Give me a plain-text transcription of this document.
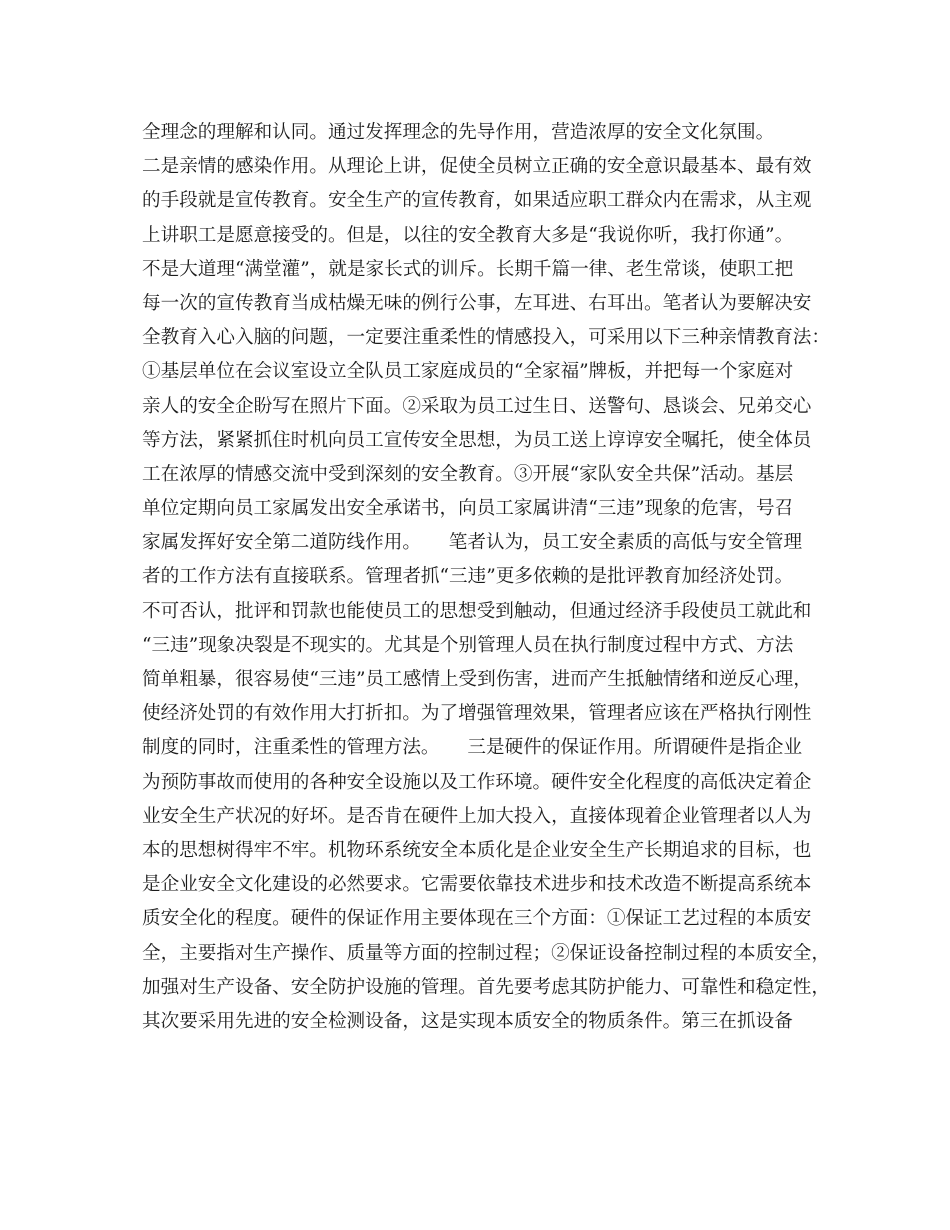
全理念的理解和认同。通过发挥理念的先导作用，营造浓厚的安全文化氛围。
二是亲情的感染作用。从理论上讲，促使全员树立正确的安全意识最基本、最有效
的手段就是宣传教育。安全生产的宣传教育，如果适应职工群众内在需求，从主观
上讲职工是愿意接受的。但是，以往的安全教育大多是“我说你听，我打你通”。
不是大道理“满堂灌”，就是家长式的训斥。长期千篇一律、老生常谈，使职工把
每一次的宣传教育当成枯燥无味的例行公事，左耳进、右耳出。笔者认为要解决安
全教育入心入脑的问题，一定要注重柔性的情感投入，可采用以下三种亲情教育法：
①基层单位在会议室设立全队员工家庭成员的“全家福”牌板，并把每一个家庭对
亲人的安全企盼写在照片下面。②采取为员工过生日、送警句、恳谈会、兄弟交心
等方法，紧紧抓住时机向员工宣传安全思想，为员工送上谆谆安全嘱托，使全体员
工在浓厚的情感交流中受到深刻的安全教育。③开展“家队安全共保”活动。基层
单位定期向员工家属发出安全承诺书，向员工家属讲清“三违”现象的危害，号召
家属发挥好安全第二道防线作用。　　笔者认为，员工安全素质的高低与安全管理
者的工作方法有直接联系。管理者抓“三违”更多依赖的是批评教育加经济处罚。
不可否认，批评和罚款也能使员工的思想受到触动，但通过经济手段使员工就此和
“三违”现象决裂是不现实的。尤其是个别管理人员在执行制度过程中方式、方法
简单粗暴，很容易使“三违”员工感情上受到伤害，进而产生抵触情绪和逆反心理，
使经济处罚的有效作用大打折扣。为了增强管理效果，管理者应该在严格执行刚性
制度的同时，注重柔性的管理方法。　　三是硬件的保证作用。所谓硬件是指企业
为预防事故而使用的各种安全设施以及工作环境。硬件安全化程度的高低决定着企
业安全生产状况的好坏。是否肯在硬件上加大投入，直接体现着企业管理者以人为
本的思想树得牢不牢。机物环系统安全本质化是企业安全生产长期追求的目标，也
是企业安全文化建设的必然要求。它需要依靠技术进步和技术改造不断提高系统本
质安全化的程度。硬件的保证作用主要体现在三个方面：①保证工艺过程的本质安
全，主要指对生产操作、质量等方面的控制过程；②保证设备控制过程的本质安全，
加强对生产设备、安全防护设施的管理。首先要考虑其防护能力、可靠性和稳定性，
其次要采用先进的安全检测设备，这是实现本质安全的物质条件。第三在抓设备
